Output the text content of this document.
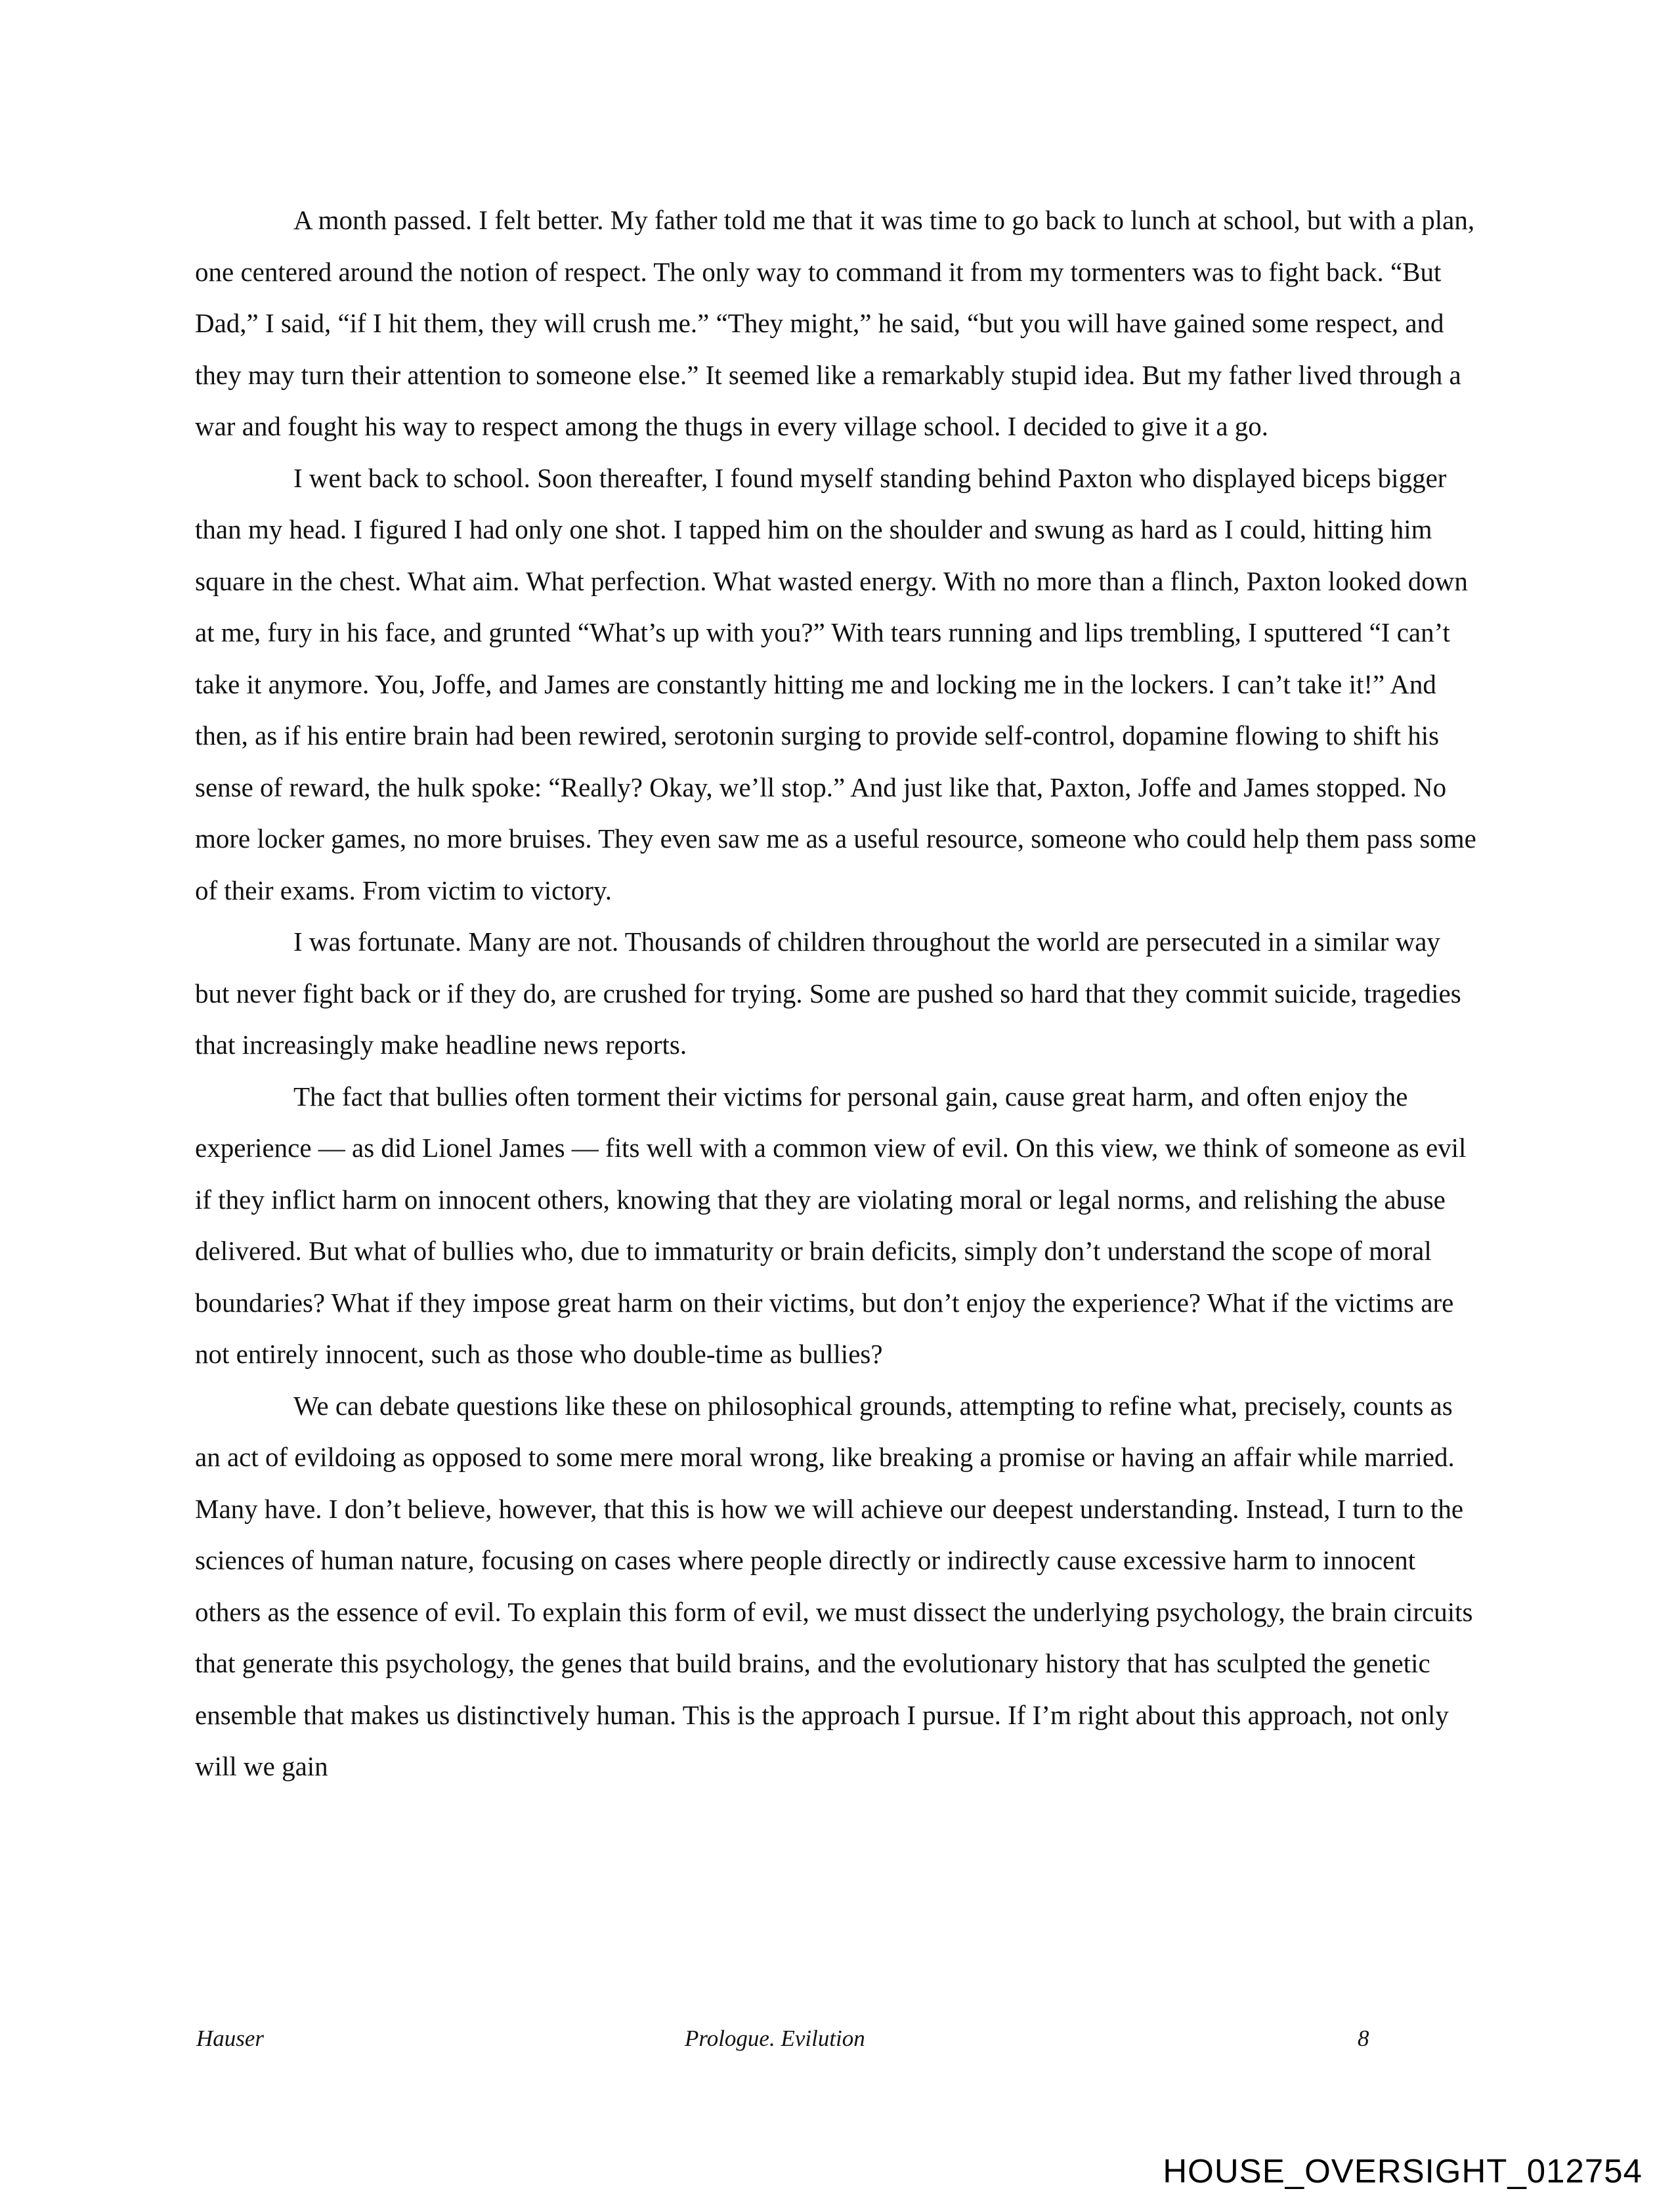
A month passed. I felt better. My father told me that it was time to go back to lunch at school, but with a plan, one centered around the notion of respect. The only way to command it from my tormenters was to fight back. “But Dad,” I said, “if I hit them, they will crush me.” “They might,” he said, “but you will have gained some respect, and they may turn their attention to someone else.” It seemed like a remarkably stupid idea. But my father lived through a war and fought his way to respect among the thugs in every village school. I decided to give it a go.

I went back to school. Soon thereafter, I found myself standing behind Paxton who displayed biceps bigger than my head. I figured I had only one shot. I tapped him on the shoulder and swung as hard as I could, hitting him square in the chest. What aim. What perfection. What wasted energy. With no more than a flinch, Paxton looked down at me, fury in his face, and grunted “What’s up with you?” With tears running and lips trembling, I sputtered “I can’t take it anymore. You, Joffe, and James are constantly hitting me and locking me in the lockers. I can’t take it!” And then, as if his entire brain had been rewired, serotonin surging to provide self-control, dopamine flowing to shift his sense of reward, the hulk spoke: “Really? Okay, we’ll stop.” And just like that, Paxton, Joffe and James stopped. No more locker games, no more bruises. They even saw me as a useful resource, someone who could help them pass some of their exams. From victim to victory.

I was fortunate. Many are not. Thousands of children throughout the world are persecuted in a similar way but never fight back or if they do, are crushed for trying. Some are pushed so hard that they commit suicide, tragedies that increasingly make headline news reports.

The fact that bullies often torment their victims for personal gain, cause great harm, and often enjoy the experience — as did Lionel James — fits well with a common view of evil. On this view, we think of someone as evil if they inflict harm on innocent others, knowing that they are violating moral or legal norms, and relishing the abuse delivered. But what of bullies who, due to immaturity or brain deficits, simply don’t understand the scope of moral boundaries? What if they impose great harm on their victims, but don’t enjoy the experience? What if the victims are not entirely innocent, such as those who double-time as bullies?

We can debate questions like these on philosophical grounds, attempting to refine what, precisely, counts as an act of evildoing as opposed to some mere moral wrong, like breaking a promise or having an affair while married. Many have. I don’t believe, however, that this is how we will achieve our deepest understanding. Instead, I turn to the sciences of human nature, focusing on cases where people directly or indirectly cause excessive harm to innocent others as the essence of evil. To explain this form of evil, we must dissect the underlying psychology, the brain circuits that generate this psychology, the genes that build brains, and the evolutionary history that has sculpted the genetic ensemble that makes us distinctively human. This is the approach I pursue. If I’m right about this approach, not only will we gain

Hauser	Prologue. Evilution	8
HOUSE_OVERSIGHT_012754
